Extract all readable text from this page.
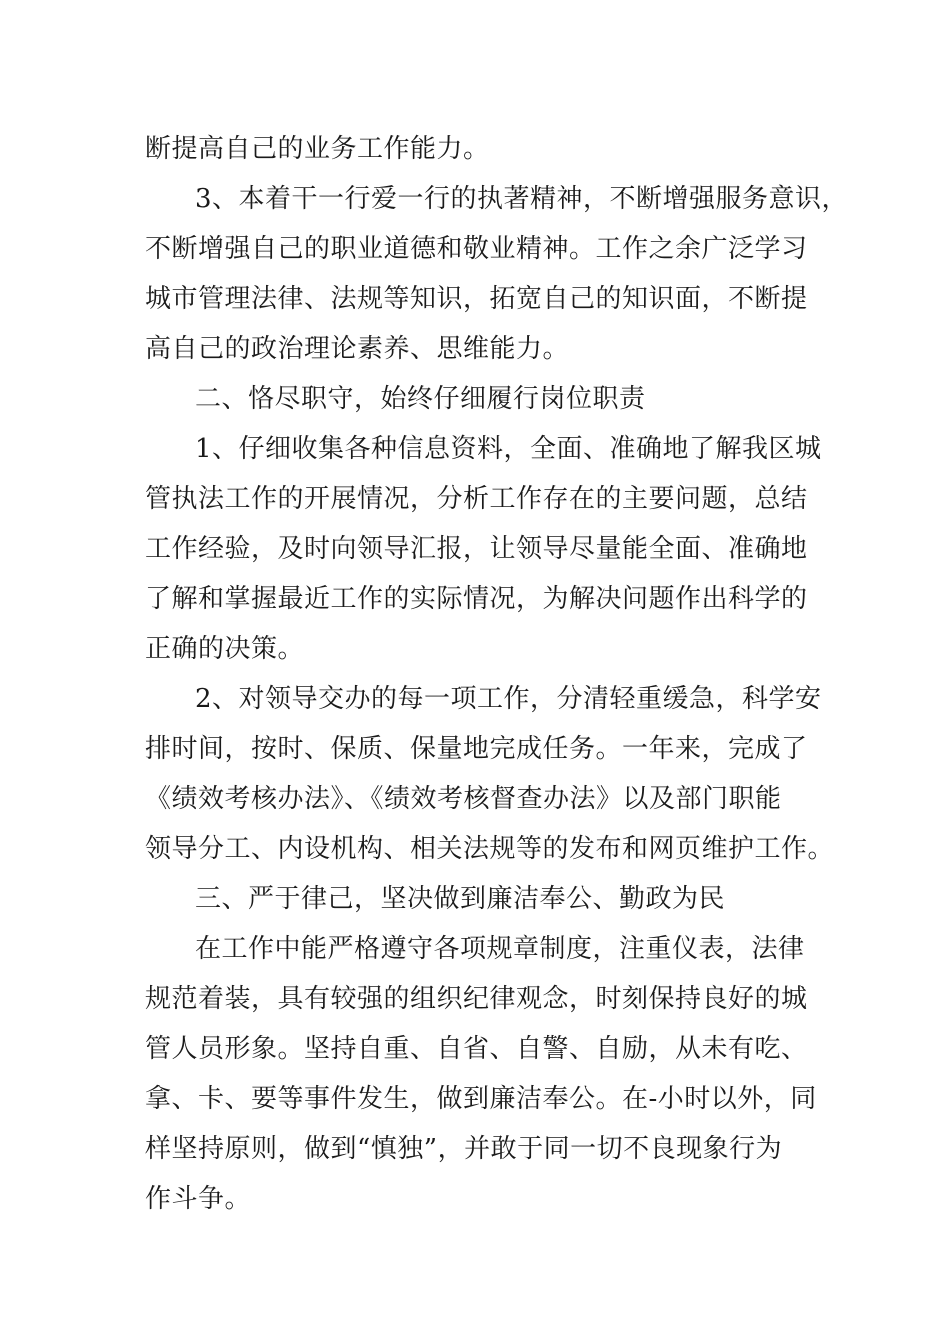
断提高自己的业务工作能力。
3、本着干一行爱一行的执著精神，不断增强服务意识，
不断增强自己的职业道德和敬业精神。工作之余广泛学习
城市管理法律、法规等知识，拓宽自己的知识面，不断提
高自己的政治理论素养、思维能力。
二、恪尽职守，始终仔细履行岗位职责
1、仔细收集各种信息资料，全面、准确地了解我区城
管执法工作的开展情况，分析工作存在的主要问题，总结
工作经验，及时向领导汇报，让领导尽量能全面、准确地
了解和掌握最近工作的实际情况，为解决问题作出科学的
正确的决策。
2、对领导交办的每一项工作，分清轻重缓急，科学安
排时间，按时、保质、保量地完成任务。一年来，完成了
《绩效考核办法》、《绩效考核督查办法》以及部门职能
领导分工、内设机构、相关法规等的发布和网页维护工作。
三、严于律己，坚决做到廉洁奉公、勤政为民
在工作中能严格遵守各项规章制度，注重仪表，法律
规范着装，具有较强的组织纪律观念，时刻保持良好的城
管人员形象。坚持自重、自省、自警、自励，从未有吃、
拿、卡、要等事件发生，做到廉洁奉公。在-小时以外，同
样坚持原则，做到“慎独”，并敢于同一切不良现象行为
作斗争。
